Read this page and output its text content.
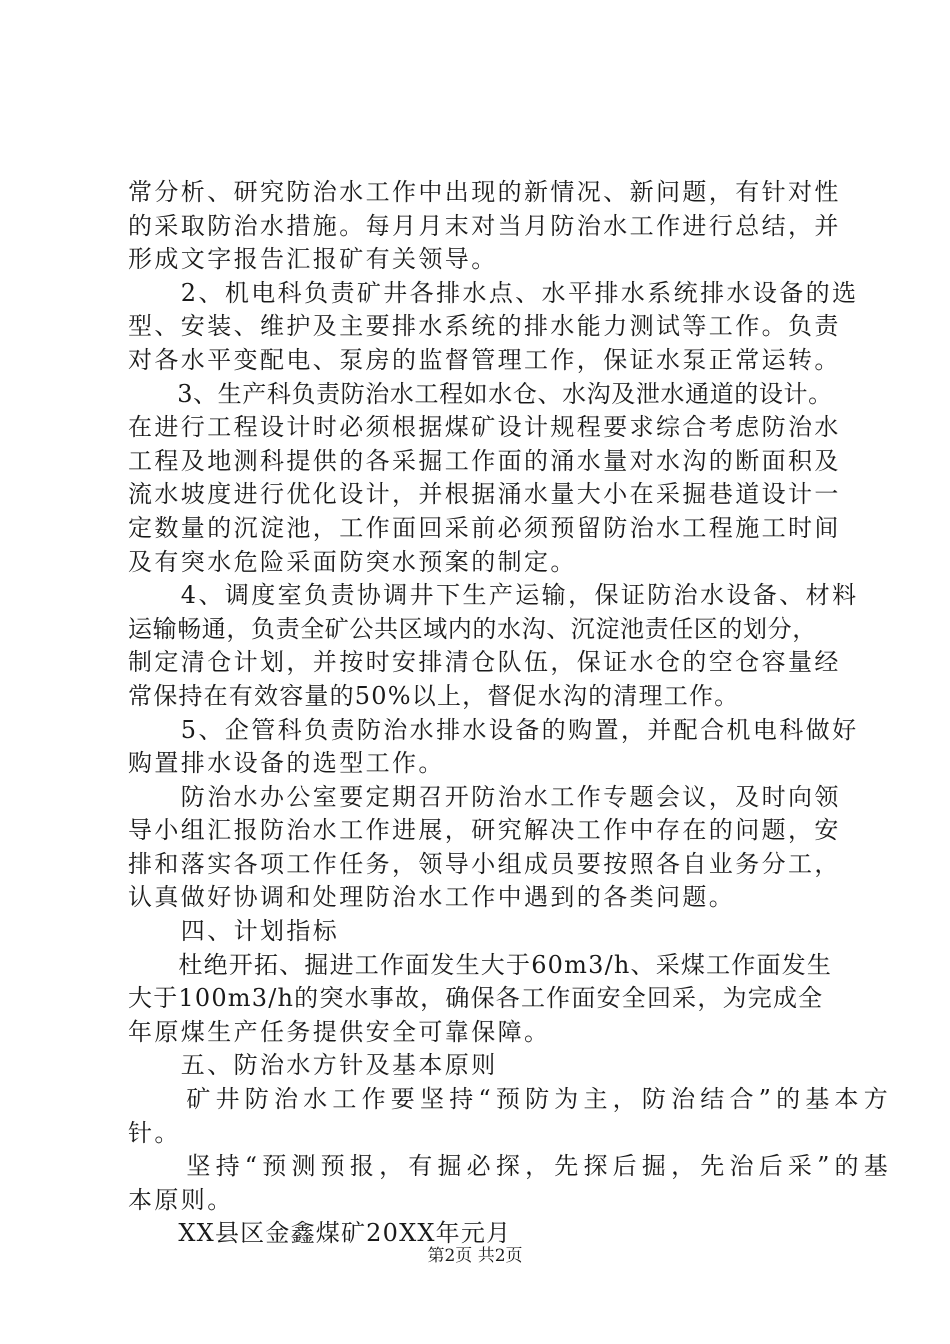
常分析、研究防治水工作中出现的新情况、新问题，有针对性
的采取防治水措施。每月月末对当月防治水工作进行总结，并
形成文字报告汇报矿有关领导。
　　2、机电科负责矿井各排水点、水平排水系统排水设备的选
型、安装、维护及主要排水系统的排水能力测试等工作。负责
对各水平变配电、泵房的监督管理工作，保证水泵正常运转。
　　3、生产科负责防治水工程如水仓、水沟及泄水通道的设计。
在进行工程设计时必须根据煤矿设计规程要求综合考虑防治水
工程及地测科提供的各采掘工作面的涌水量对水沟的断面积及
流水坡度进行优化设计，并根据涌水量大小在采掘巷道设计一
定数量的沉淀池，工作面回采前必须预留防治水工程施工时间
及有突水危险采面防突水预案的制定。
　　4、调度室负责协调井下生产运输，保证防治水设备、材料
运输畅通，负责全矿公共区域内的水沟、沉淀池责任区的划分，
制定清仓计划，并按时安排清仓队伍，保证水仓的空仓容量经
常保持在有效容量的50%以上，督促水沟的清理工作。
　　5、企管科负责防治水排水设备的购置，并配合机电科做好
购置排水设备的选型工作。
　　防治水办公室要定期召开防治水工作专题会议，及时向领
导小组汇报防治水工作进展，研究解决工作中存在的问题，安
排和落实各项工作任务，领导小组成员要按照各自业务分工，
认真做好协调和处理防治水工作中遇到的各类问题。
　　四、计划指标
　　杜绝开拓、掘进工作面发生大于60m3/h、采煤工作面发生
大于100m3/h的突水事故，确保各工作面安全回采，为完成全
年原煤生产任务提供安全可靠保障。
　　五、防治水方针及基本原则
　　矿井防治水工作要坚持“预防为主，防治结合”的基本方
针。
　　坚持“预测预报，有掘必探，先探后掘，先治后采”的基
本原则。
　　XX县区金鑫煤矿20XX年元月
第2页 共2页
